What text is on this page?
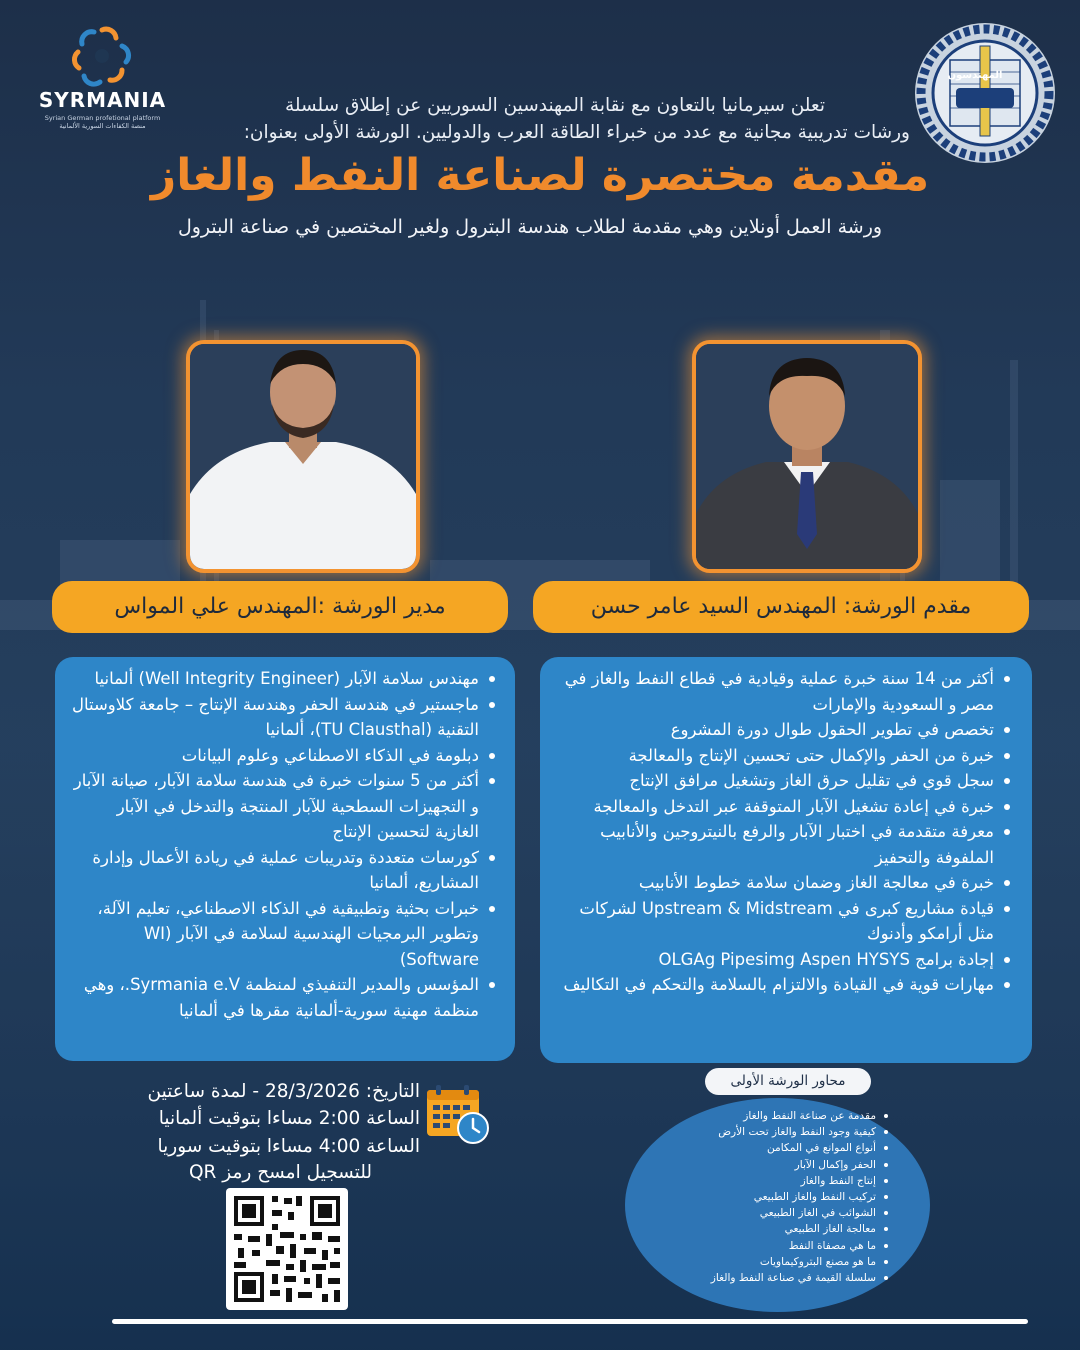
SYRMANIA
Syrian German profetional platform
منصة الكفاءات السورية الألمانية
المهندسون
تعلن سيرمانيا بالتعاون مع نقابة المهندسين السوريين عن إطلاق سلسلة
ورشات تدريبية مجانية مع عدد من خبراء الطاقة العرب والدوليين. الورشة الأولى بعنوان:
مقدمة مختصرة لصناعة النفط والغاز
ورشة العمل أونلاين وهي مقدمة لطلاب هندسة البترول ولغير المختصين في صناعة البترول
مقدم الورشة: المهندس السيد عامر حسن
مدير الورشة :المهندس علي المواس
أكثر من 14 سنة خبرة عملية وقيادية في قطاع النفط والغاز في مصر و السعودية والإمارات
تخصص في تطوير الحقول طوال دورة المشروع
خبرة من الحفر والإكمال حتى تحسين الإنتاج والمعالجة
سجل قوي في تقليل حرق الغاز وتشغيل مرافق الإنتاج
خبرة في إعادة تشغيل الآبار المتوقفة عبر التدخل والمعالجة
معرفة متقدمة في اختبار الآبار والرفع بالنيتروجين والأنابيب الملفوفة والتحفيز
خبرة في معالجة الغاز وضمان سلامة خطوط الأنابيب
قيادة مشاريع كبرى في Upstream & Midstream لشركات مثل أرامكو وأدنوك
إجادة برامج OLGAg Pipesimg Aspen HYSYS
مهارات قوية في القيادة والالتزام بالسلامة والتحكم في التكاليف
مهندس سلامة الآبار (Well Integrity Engineer) ألمانيا
ماجستير في هندسة الحفر وهندسة الإنتاج – جامعة كلاوستال التقنية (TU Clausthal)، ألمانيا
دبلومة في الذكاء الاصطناعي وعلوم البيانات
أكثر من 5 سنوات خبرة في هندسة سلامة الآبار، صيانة الآبار و التجهيزات السطحية للآبار المنتجة والتدخل في الآبار الغازية لتحسين الإنتاج
كورسات متعددة وتدريبات عملية في ريادة الأعمال وإدارة المشاريع، ألمانيا
خبرات بحثية وتطبيقية في الذكاء الاصطناعي، تعليم الآلة، وتطوير البرمجيات الهندسية لسلامة في الآبار (WI Software)
المؤسس والمدير التنفيذي لمنظمة Syrmania e.V.، وهي منظمة مهنية سورية-ألمانية مقرها في ألمانيا
محاور الورشة الأولى
مقدمة عن صناعة النفط والغاز
كيفية وجود النفط والغاز تحت الأرض
أنواع الموانع في المكامن
الحفر وإكمال الآبار
إنتاج النفط والغاز
تركيب النفط والغاز الطبيعي
الشوائب في الغاز الطبيعي
معالجة الغاز الطبيعي
ما هي مصفاة النفط
ما هو مصنع البتروكيماويات
سلسلة القيمة في صناعة النفط والغاز
التاريخ: 28/3/2026 - لمدة ساعتين
الساعة 2:00 مساءا بتوقيت ألمانيا
الساعة 4:00 مساءا بتوقيت سوريا
للتسجيل امسح رمز QR
